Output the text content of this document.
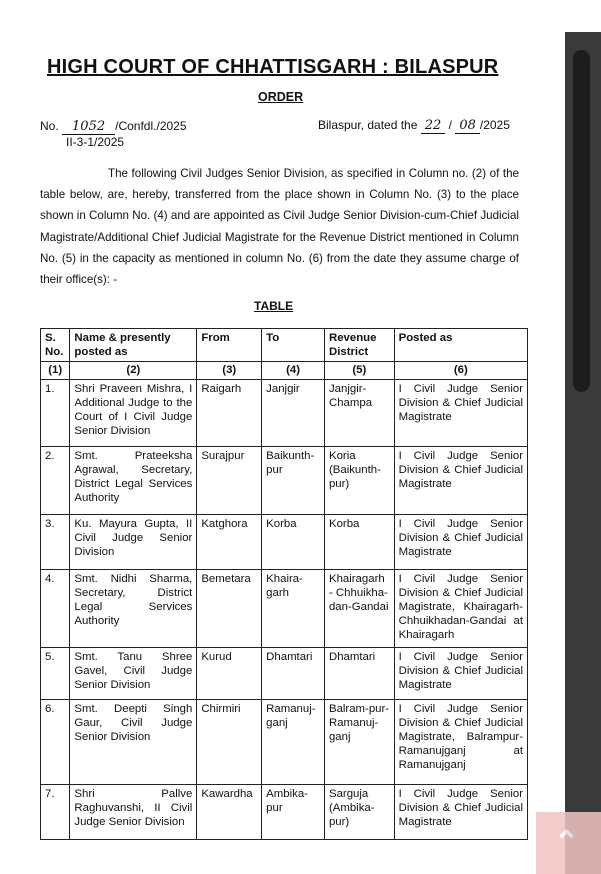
HIGH COURT OF CHHATTISGARH : BILASPUR
ORDER
No. 1052 /Confdl./2025
II-3-1/2025
Bilaspur, dated the 22 / 08 /2025
The following Civil Judges Senior Division, as specified in Column no. (2) of the table below, are, hereby, transferred from the place shown in Column No. (3) to the place shown in Column No. (4) and are appointed as Civil Judge Senior Division-cum-Chief Judicial Magistrate/Additional Chief Judicial Magistrate for the Revenue District mentioned in Column No. (5) in the capacity as mentioned in column No. (6) from the date they assume charge of their office(s): -
TABLE
S. No.	Name & presently posted as	From	To	Revenue District	Posted as
(1)	(2)	(3)	(4)	(5)	(6)
1.	Shri Praveen Mishra, I Additional Judge to the Court of I Civil Judge Senior Division	Raigarh	Janjgir	Janjgir-Champa	I Civil Judge Senior Division & Chief Judicial Magistrate
2.	Smt. Prateeksha Agrawal, Secretary, District Legal Services Authority	Surajpur	Baikunth-pur	Koria (Baikunth-pur)	I Civil Judge Senior Division & Chief Judicial Magistrate
3.	Ku. Mayura Gupta, II Civil Judge Senior Division	Katghora	Korba	Korba	I Civil Judge Senior Division & Chief Judicial Magistrate
4.	Smt. Nidhi Sharma, Secretary, District Legal Services Authority	Bemetara	Khaira-garh	Khairagarh - Chhuikha-dan-Gandai	I Civil Judge Senior Division & Chief Judicial Magistrate, Khairagarh-Chhuikhadan-Gandai at Khairagarh
5.	Smt. Tanu Shree Gavel, Civil Judge Senior Division	Kurud	Dhamtari	Dhamtari	I Civil Judge Senior Division & Chief Judicial Magistrate
6.	Smt. Deepti Singh Gaur, Civil Judge Senior Division	Chirmiri	Ramanuj-ganj	Balram-pur-Ramanuj-ganj	I Civil Judge Senior Division & Chief Judicial Magistrate, Balrampur-Ramanujganj at Ramanujganj
7.	Shri Pallve Raghuvanshi, II Civil Judge Senior Division	Kawardha	Ambika-pur	Sarguja (Ambika-pur)	I Civil Judge Senior Division & Chief Judicial Magistrate
⌃
